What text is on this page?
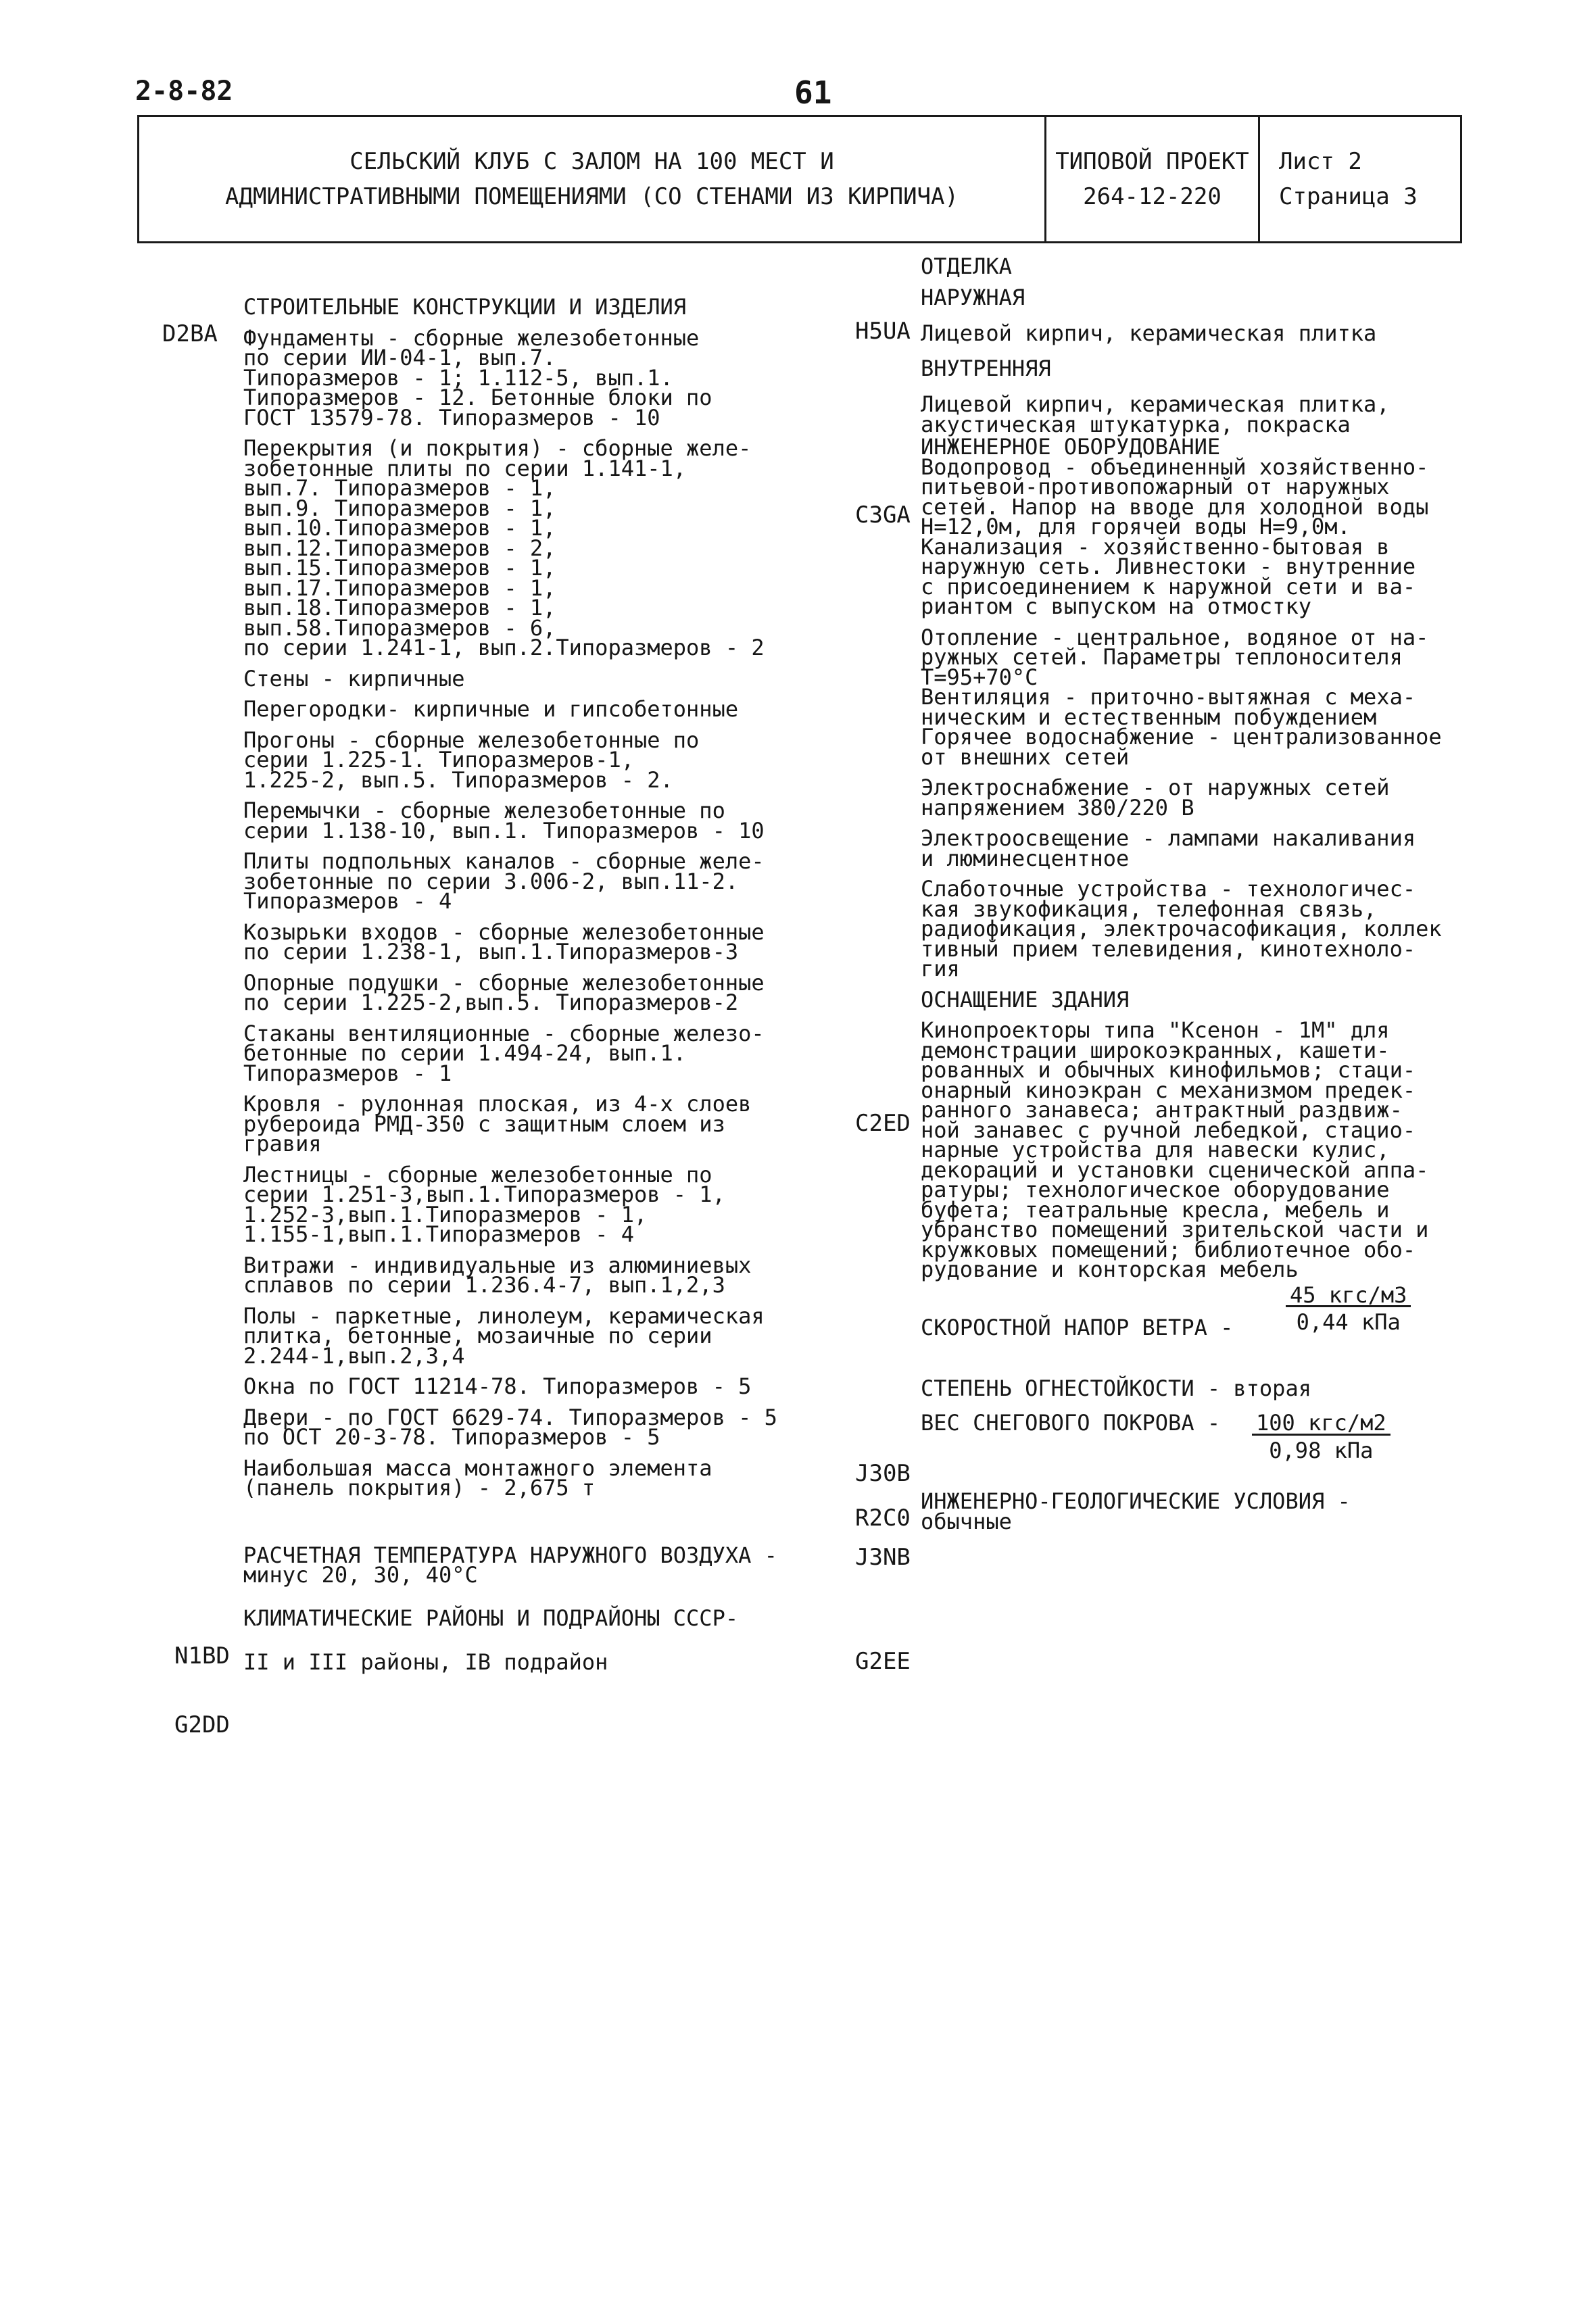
2-8-82	61
СЕЛЬСКИЙ КЛУБ С ЗАЛОМ НА 100 МЕСТ И
АДМИНИСТРАТИВНЫМИ ПОМЕЩЕНИЯМИ (СО СТЕНАМИ ИЗ КИРПИЧА)
ТИПОВОЙ ПРОЕКТ
264-12-220
Лист 2
Страница 3
D2BA	H5UA
C3GA
C2ED
J30B
R2C0
J3NB
G2EE
N1BD
G2DD
СТРОИТЕЛЬНЫЕ КОНСТРУКЦИИ И ИЗДЕЛИЯ
Фундаменты - сборные железобетонные
по серии ИИ-04-1, вып.7.
Типоразмеров - 1; 1.112-5, вып.1.
Типоразмеров - 12. Бетонные блоки по
ГОСТ 13579-78. Типоразмеров - 10
Перекрытия (и покрытия) - сборные желе-
зобетонные плиты по серии 1.141-1,
вып.7. Типоразмеров - 1,
вып.9. Типоразмеров - 1,
вып.10.Типоразмеров - 1,
вып.12.Типоразмеров - 2,
вып.15.Типоразмеров - 1,
вып.17.Типоразмеров - 1,
вып.18.Типоразмеров - 1,
вып.58.Типоразмеров - 6,
по серии 1.241-1, вып.2.Типоразмеров - 2
Стены - кирпичные
Перегородки- кирпичные и гипсобетонные
Прогоны - сборные железобетонные по
серии 1.225-1. Типоразмеров-1,
1.225-2, вып.5. Типоразмеров - 2.
Перемычки - сборные железобетонные по
серии 1.138-10, вып.1. Типоразмеров - 10
Плиты подпольных каналов - сборные желе-
зобетонные по серии 3.006-2, вып.11-2.
Типоразмеров - 4
Козырьки входов - сборные железобетонные
по серии 1.238-1, вып.1.Типоразмеров-3
Опорные подушки - сборные железобетонные
по серии 1.225-2,вып.5. Типоразмеров-2
Стаканы вентиляционные - сборные железо-
бетонные по серии 1.494-24, вып.1.
Типоразмеров - 1
Кровля - рулонная плоская, из 4-х слоев
рубероида РМД-350 с защитным слоем из
гравия
Лестницы - сборные железобетонные по
серии 1.251-3,вып.1.Типоразмеров - 1,
1.252-3,вып.1.Типоразмеров - 1,
1.155-1,вып.1.Типоразмеров - 4
Витражи - индивидуальные из алюминиевых
сплавов по серии 1.236.4-7, вып.1,2,3
Полы - паркетные, линолеум, керамическая
плитка, бетонные, мозаичные по серии
2.244-1,вып.2,3,4
Окна по ГОСТ 11214-78. Типоразмеров - 5
Двери - по ГОСТ 6629-74. Типоразмеров - 5
по ОСТ 20-3-78. Типоразмеров - 5
Наибольшая масса монтажного элемента
(панель покрытия) - 2,675 т
РАСЧЕТНАЯ ТЕМПЕРАТУРА НАРУЖНОГО ВОЗДУХА -
минус 20, 30, 40°С
КЛИМАТИЧЕСКИЕ РАЙОНЫ И ПОДРАЙОНЫ СССР-
II и III районы, IВ подрайон
ОТДЕЛКА
НАРУЖНАЯ
Лицевой кирпич, керамическая плитка
ВНУТРЕННЯЯ
Лицевой кирпич, керамическая плитка,
акустическая штукатурка, покраска
ИНЖЕНЕРНОЕ ОБОРУДОВАНИЕ
Водопровод - объединенный хозяйственно-
питьевой-противопожарный от наружных
сетей. Напор на вводе для холодной воды
Н=12,0м, для горячей воды Н=9,0м.
Канализация - хозяйственно-бытовая в
наружную сеть. Ливнестоки - внутренние
с присоединением к наружной сети и ва-
риантом с выпуском на отмостку
Отопление - центральное, водяное от на-
ружных сетей. Параметры теплоносителя
Т=95+70°С
Вентиляция - приточно-вытяжная с меха-
ническим и естественным побуждением
Горячее водоснабжение - централизованное
от внешних сетей
Электроснабжение - от наружных сетей
напряжением 380/220 В
Электроосвещение - лампами накаливания
и люминесцентное
Слаботочные устройства - технологичес-
кая звукофикация, телефонная связь,
радиофикация, электрочасофикация, коллек
тивный прием телевидения, кинотехноло-
гия
ОСНАЩЕНИЕ ЗДАНИЯ
Кинопроекторы типа "Ксенон - 1М" для
демонстрации широкоэкранных, кашети-
рованных и обычных кинофильмов; стаци-
онарный киноэкран с механизмом предек-
ранного занавеса; антрактный раздвиж-
ной занавес с ручной лебедкой, стацио-
нарные устройства для навески кулис,
декораций и установки сценической аппа-
ратуры; технологическое оборудование
буфета; театральные кресла, мебель и
убранство помещений зрительской части и
кружковых помещений; библиотечное обо-
рудование и конторская мебель
СКОРОСТНОЙ НАПОР ВЕТРА -
45 кгс/м3
0,44 кПа
СТЕПЕНЬ ОГНЕСТОЙКОСТИ - вторая
ВЕС СНЕГОВОГО ПОКРОВА - 100 кгс/м2
0,98 кПа
ИНЖЕНЕРНО-ГЕОЛОГИЧЕСКИЕ УСЛОВИЯ -
обычные
